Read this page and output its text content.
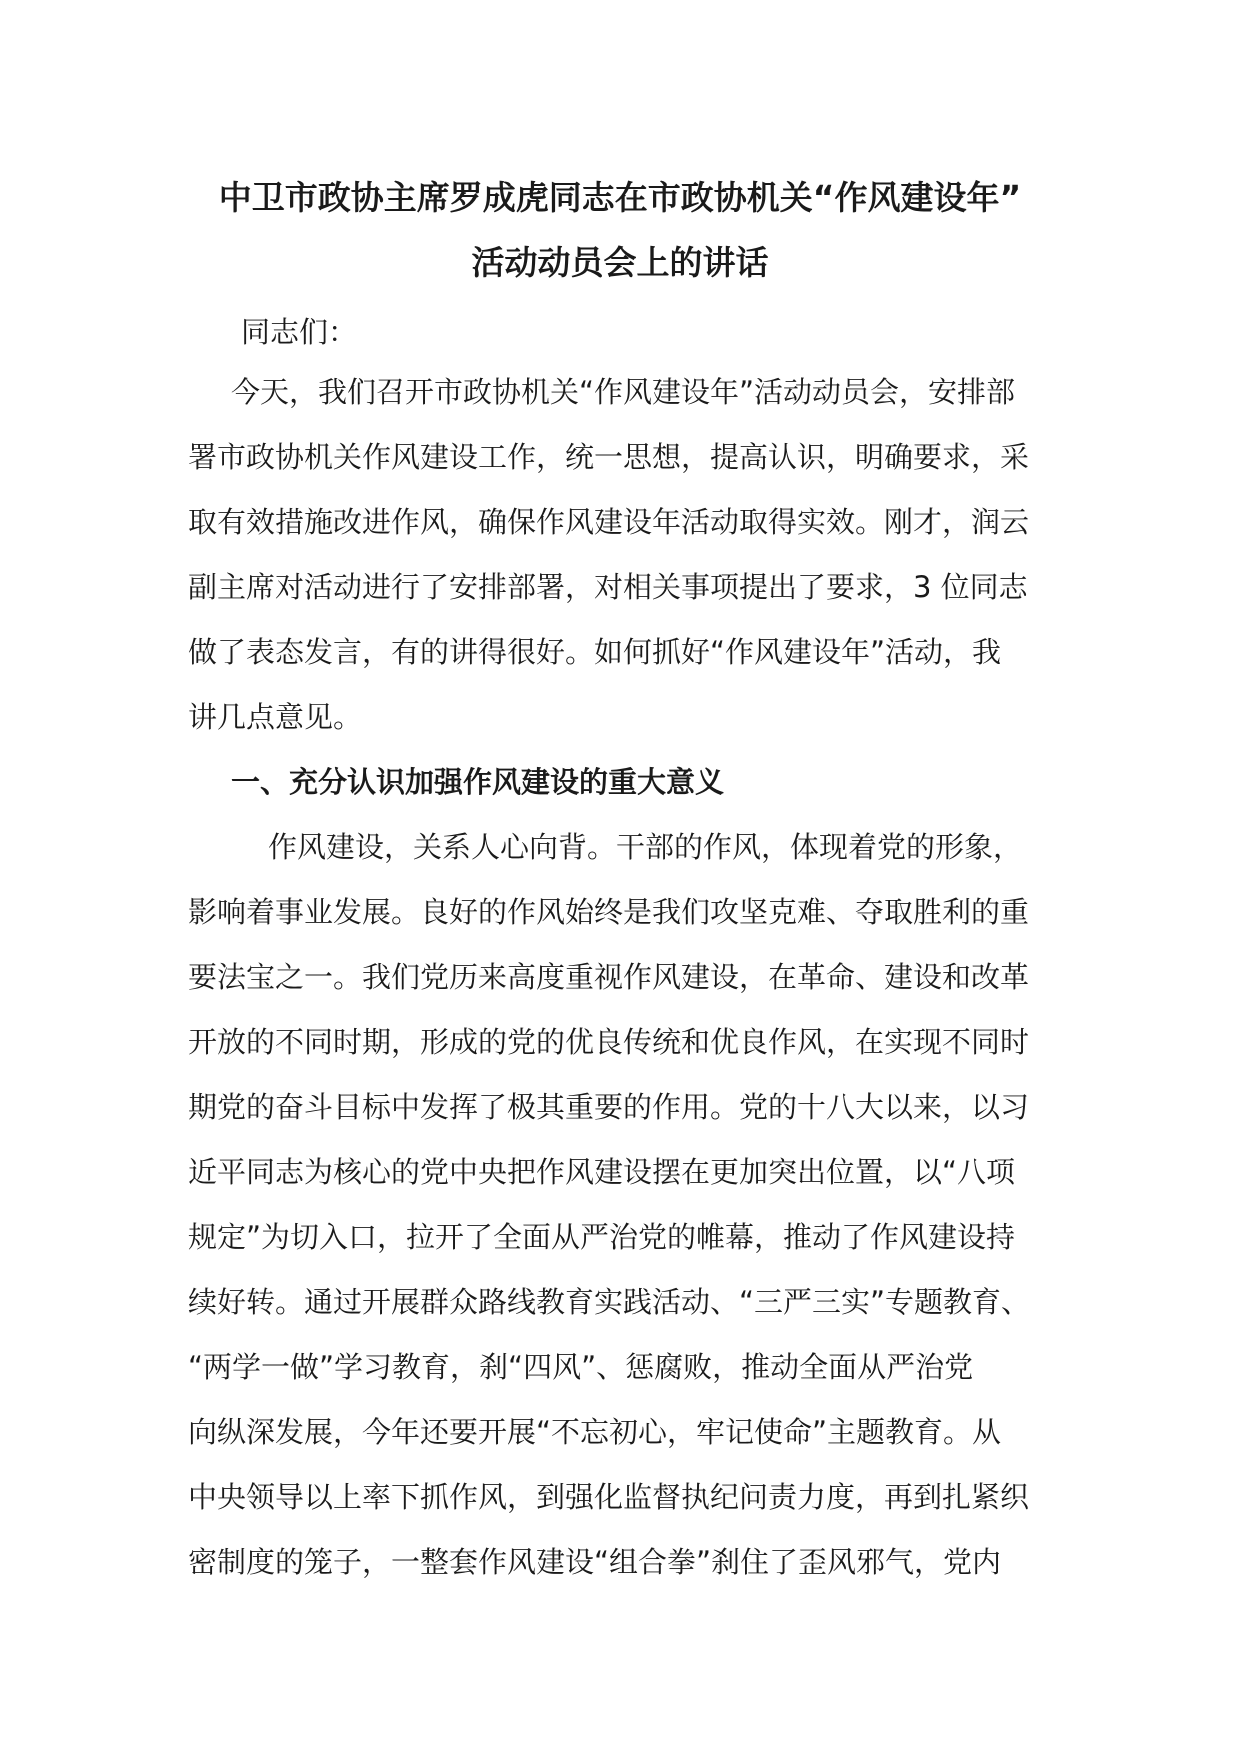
中卫市政协主席罗成虎同志在市政协机关“作风建设年”
活动动员会上的讲话

同志们：

今天，我们召开市政协机关“作风建设年”活动动员会，安排部

署市政协机关作风建设工作，统一思想，提高认识，明确要求，采

取有效措施改进作风，确保作风建设年活动取得实效。刚才，润云

副主席对活动进行了安排部署，对相关事项提出了要求，3 位同志

做了表态发言，有的讲得很好。如何抓好“作风建设年”活动，我

讲几点意见。

一、充分认识加强作风建设的重大意义

作风建设，关系人心向背。干部的作风，体现着党的形象，

影响着事业发展。良好的作风始终是我们攻坚克难、夺取胜利的重

要法宝之一。我们党历来高度重视作风建设，在革命、建设和改革

开放的不同时期，形成的党的优良传统和优良作风，在实现不同时

期党的奋斗目标中发挥了极其重要的作用。党的十八大以来，以习

近平同志为核心的党中央把作风建设摆在更加突出位置，以“八项

规定”为切入口，拉开了全面从严治党的帷幕，推动了作风建设持

续好转。通过开展群众路线教育实践活动、“三严三实”专题教育、

“两学一做”学习教育，刹“四风”、惩腐败，推动全面从严治党

向纵深发展，今年还要开展“不忘初心，牢记使命”主题教育。从

中央领导以上率下抓作风，到强化监督执纪问责力度，再到扎紧织

密制度的笼子，一整套作风建设“组合拳”刹住了歪风邪气，党内
